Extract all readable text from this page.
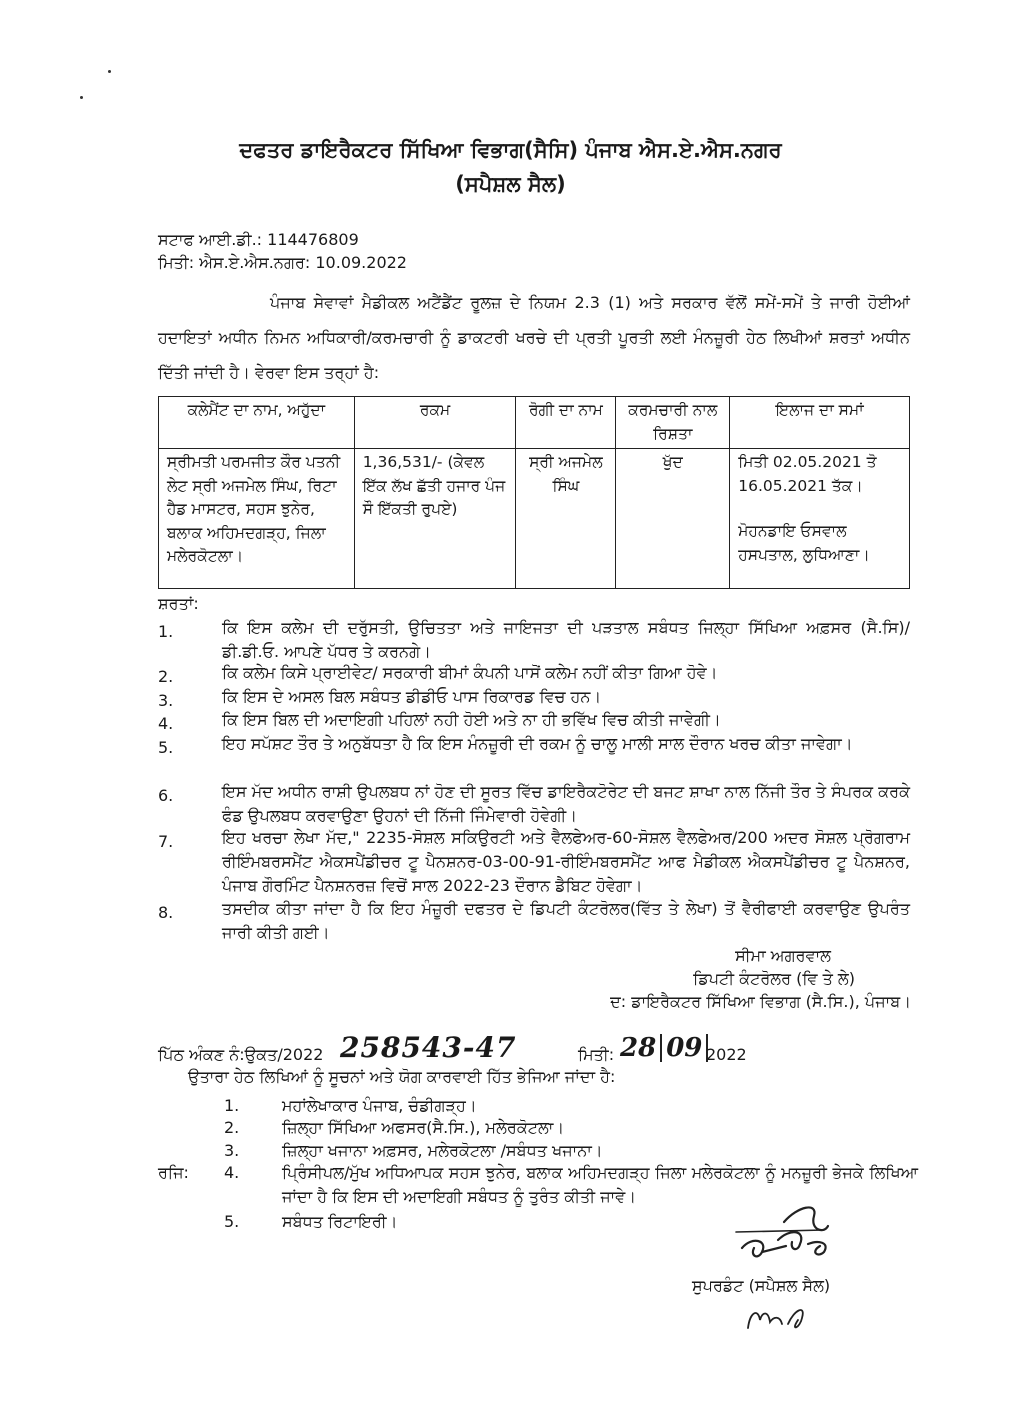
ਦਫਤਰ ਡਾਇਰੈਕਟਰ ਸਿੱਖਿਆ ਵਿਭਾਗ(ਸੈਸਿ) ਪੰਜਾਬ ਐਸ.ਏ.ਐਸ.ਨਗਰ
(ਸਪੈਸ਼ਲ ਸੈਲ)
ਸਟਾਫ ਆਈ.ਡੀ.: 114476809
ਮਿਤੀ: ਐਸ.ਏ.ਐਸ.ਨਗਰ: 10.09.2022
ਪੰਜਾਬ ਸੇਵਾਵਾਂ ਮੈਡੀਕਲ ਅਟੈਂਡੈਂਟ ਰੂਲਜ਼ ਦੇ ਨਿਯਮ 2.3 (1) ਅਤੇ ਸਰਕਾਰ ਵੱਲੋਂ ਸਮੇਂ-ਸਮੇਂ ਤੇ ਜਾਰੀ ਹੋਈਆਂ ਹਦਾਇਤਾਂ ਅਧੀਨ ਨਿਮਨ ਅਧਿਕਾਰੀ/ਕਰਮਚਾਰੀ ਨੂੰ ਡਾਕਟਰੀ ਖਰਚੇ ਦੀ ਪ੍ਰਤੀ ਪੂਰਤੀ ਲਈ ਮੰਨਜ਼ੂਰੀ ਹੇਠ ਲਿਖੀਆਂ ਸ਼ਰਤਾਂ ਅਧੀਨ ਦਿੱਤੀ ਜਾਂਦੀ ਹੈ। ਵੇਰਵਾ ਇਸ ਤਰ੍ਹਾਂ ਹੈ:
ਕਲੇਮੈਂਟ ਦਾ ਨਾਮ, ਅਹੁੱਦਾ	ਰਕਮ	ਰੋਗੀ ਦਾ ਨਾਮ	ਕਰਮਚਾਰੀ ਨਾਲ ਰਿਸ਼ਤਾ	ਇਲਾਜ ਦਾ ਸਮਾਂ
ਸ੍ਰੀਮਤੀ ਪਰਮਜੀਤ ਕੌਰ ਪਤਨੀ ਲੇਟ ਸ੍ਰੀ ਅਜਮੇਲ ਸਿੰਘ, ਰਿਟਾ ਹੈਡ ਮਾਸਟਰ, ਸਹਸ ਝੁਨੇਰ, ਬਲਾਕ ਅਹਿਮਦਗੜ੍ਹ, ਜਿਲਾ ਮਲੇਰਕੋਟਲਾ।	1,36,531/- (ਕੇਵਲ ਇੱਕ ਲੱਖ ਛੱਤੀ ਹਜਾਰ ਪੰਜ ਸੌ ਇੱਕਤੀ ਰੁਪਏ)	ਸ੍ਰੀ ਅਜਮੇਲ ਸਿੰਘ	ਖੁੱਦ	ਮਿਤੀ 02.05.2021 ਤੋ 16.05.2021 ਤੱਕ।
ਮੋਹਨਡਾਇ ਓਸਵਾਲ ਹਸਪਤਾਲ, ਲੁਧਿਆਣਾ।
ਸ਼ਰਤਾਂ:
1.	ਕਿ ਇਸ ਕਲੇਮ ਦੀ ਦਰੁੱਸਤੀ, ਉਚਿਤਤਾ ਅਤੇ ਜਾਇਜਤਾ ਦੀ ਪੜਤਾਲ ਸਬੰਧਤ ਜਿਲ੍ਹਾ ਸਿੱਖਿਆ ਅਫ਼ਸਰ (ਸੈ.ਸਿ)/ ਡੀ.ਡੀ.ਓ. ਆਪਣੇ ਪੱਧਰ ਤੇ ਕਰਨਗੇ।
2.	ਕਿ ਕਲੇਮ ਕਿਸੇ ਪ੍ਰਾਈਵੇਟ/ ਸਰਕਾਰੀ ਬੀਮਾਂ ਕੰਪਨੀ ਪਾਸੋਂ ਕਲੇਮ ਨਹੀਂ ਕੀਤਾ ਗਿਆ ਹੋਵੇ।
3.	ਕਿ ਇਸ ਦੇ ਅਸਲ ਬਿਲ ਸਬੰਧਤ ਡੀਡੀਓ ਪਾਸ ਰਿਕਾਰਡ ਵਿਚ ਹਨ।
4.	ਕਿ ਇਸ ਬਿਲ ਦੀ ਅਦਾਇਗੀ ਪਹਿਲਾਂ ਨਹੀ ਹੋਈ ਅਤੇ ਨਾ ਹੀ ਭਵਿੱਖ ਵਿਚ ਕੀਤੀ ਜਾਵੇਗੀ।
5.	ਇਹ ਸਪੱਸ਼ਟ ਤੌਰ ਤੇ ਅਨੁਬੱਧਤਾ ਹੈ ਕਿ ਇਸ ਮੰਨਜ਼ੂਰੀ ਦੀ ਰਕਮ ਨੂੰ ਚਾਲੂ ਮਾਲੀ ਸਾਲ ਦੌਰਾਨ ਖਰਚ ਕੀਤਾ ਜਾਵੇਗਾ।
6.	ਇਸ ਮੱਦ ਅਧੀਨ ਰਾਸ਼ੀ ਉਪਲਬਧ ਨਾਂ ਹੋਣ ਦੀ ਸੂਰਤ ਵਿੱਚ ਡਾਇਰੈਕਟੋਰੇਟ ਦੀ ਬਜਟ ਸ਼ਾਖਾ ਨਾਲ ਨਿੱਜੀ ਤੌਰ ਤੇ ਸੰਪਰਕ ਕਰਕੇ ਫੰਡ ਉਪਲਬਧ ਕਰਵਾਉਣਾ ਉਹਨਾਂ ਦੀ ਨਿੱਜੀ ਜਿੰਮੇਵਾਰੀ ਹੋਵੇਗੀ।
7.	ਇਹ ਖਰਚਾ ਲੇਖਾ ਮੱਦ," 2235-ਸੋਸ਼ਲ ਸਕਿਉਰਟੀ ਅਤੇ ਵੈਲਫੇਅਰ-60-ਸੋਸ਼ਲ ਵੈਲਫੇਅਰ/200 ਅਦਰ ਸੋਸ਼ਲ ਪ੍ਰੋਗਰਾਮ ਰੀਇੰਮਬਰਸਮੈਂਟ ਐਕਸਪੈਂਡੀਚਰ ਟੂ ਪੈਨਸ਼ਨਰ-03-00-91-ਰੀਇੰਮਬਰਸਮੈਂਟ ਆਫ ਮੈਡੀਕਲ ਐਕਸਪੈਂਡੀਚਰ ਟੂ ਪੈਨਸ਼ਨਰ, ਪੰਜਾਬ ਗੌਰਮਿੰਟ ਪੈਨਸ਼ਨਰਜ਼ ਵਿਚੋਂ ਸਾਲ 2022-23 ਦੌਰਾਨ ਡੈਬਿਟ ਹੋਵੇਗਾ।
8.	ਤਸਦੀਕ ਕੀਤਾ ਜਾਂਦਾ ਹੈ ਕਿ ਇਹ ਮੰਜ਼ੂਰੀ ਦਫਤਰ ਦੇ ਡਿਪਟੀ ਕੰਟਰੋਲਰ(ਵਿੱਤ ਤੇ ਲੇਖਾ) ਤੋਂ ਵੈਰੀਫਾਈ ਕਰਵਾਉਣ ਉਪਰੰਤ ਜਾਰੀ ਕੀਤੀ ਗਈ।
ਸੀਮਾ ਅਗਰਵਾਲ
ਡਿਪਟੀ ਕੰਟਰੋਲਰ (ਵਿ ਤੇ ਲੇ)
ਦ: ਡਾਇਰੈਕਟਰ ਸਿੱਖਿਆ ਵਿਭਾਗ (ਸੈ.ਸਿ.), ਪੰਜਾਬ।
ਪਿੱਠ ਅੰਕਣ ਨੰ:ਉਕਤ/2022 258543-47	ਮਿਤੀ: 28 09 2022
ਉਤਾਰਾ ਹੇਠ ਲਿਖਿਆਂ ਨੂੰ ਸੂਚਨਾਂ ਅਤੇ ਯੋਗ ਕਾਰਵਾਈ ਹਿੱਤ ਭੇਜਿਆ ਜਾਂਦਾ ਹੈ:
1.	ਮਹਾਂਲੇਖਾਕਾਰ ਪੰਜਾਬ, ਚੰਡੀਗੜ੍ਹ।
2.	ਜ਼ਿਲ੍ਹਾ ਸਿੱਖਿਆ ਅਫਸਰ(ਸੈ.ਸਿ.), ਮਲੇਰਕੋਟਲਾ।
3.	ਜ਼ਿਲ੍ਹਾ ਖਜਾਨਾ ਅਫ਼ਸਰ, ਮਲੇਰਕੋਟਲਾ /ਸਬੰਧਤ ਖਜਾਨਾ।
ਰਜਿ: 4.	ਪ੍ਰਿੰਸੀਪਲ/ਮੁੱਖ ਅਧਿਆਪਕ ਸਹਸ ਝੁਨੇਰ, ਬਲਾਕ ਅਹਿਮਦਗੜ੍ਹ ਜਿਲਾ ਮਲੇਰਕੋਟਲਾ ਨੂੰ ਮਨਜ਼ੂਰੀ ਭੇਜਕੇ ਲਿਖਿਆ ਜਾਂਦਾ ਹੈ ਕਿ ਇਸ ਦੀ ਅਦਾਇਗੀ ਸਬੰਧਤ ਨੂੰ ਤੁਰੰਤ ਕੀਤੀ ਜਾਵੇ।
5.	ਸਬੰਧਤ ਰਿਟਾਇਰੀ।
ਸੁਪਰਡੰਟ (ਸਪੈਸ਼ਲ ਸੈਲ)
